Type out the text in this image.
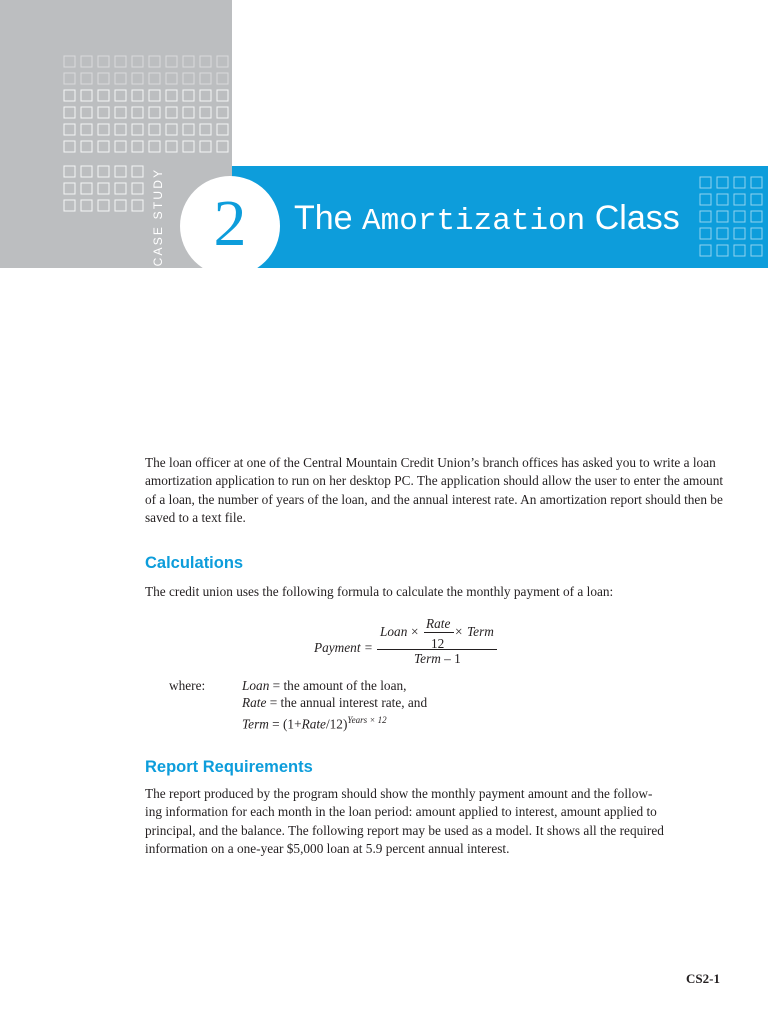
CASE STUDY 2	The Amortization Class

The loan officer at one of the Central Mountain Credit Union’s branch offices has asked you to write a loan amortization application to run on her desktop PC. The application should allow the user to enter the amount of a loan, the number of years of the loan, and the annual interest rate. An amortization report should then be saved to a text file.

Calculations

The credit union uses the following formula to calculate the monthly payment of a loan:

Payment =
Loan ×
Rate
12
× Term
Term – 1
where:	Loan = the amount of the loan,
Rate = the annual interest rate, and
Term = (1+Rate/12)$^{Years \times 12}$
Report Requirements
The report produced by the program should show the monthly payment amount and the follow-
ing information for each month in the loan period: amount applied to interest, amount applied to
principal, and the balance. The following report may be used as a model. It shows all the required
information on a one-year $5,000 loan at 5.9 percent annual interest.
CS2-1
